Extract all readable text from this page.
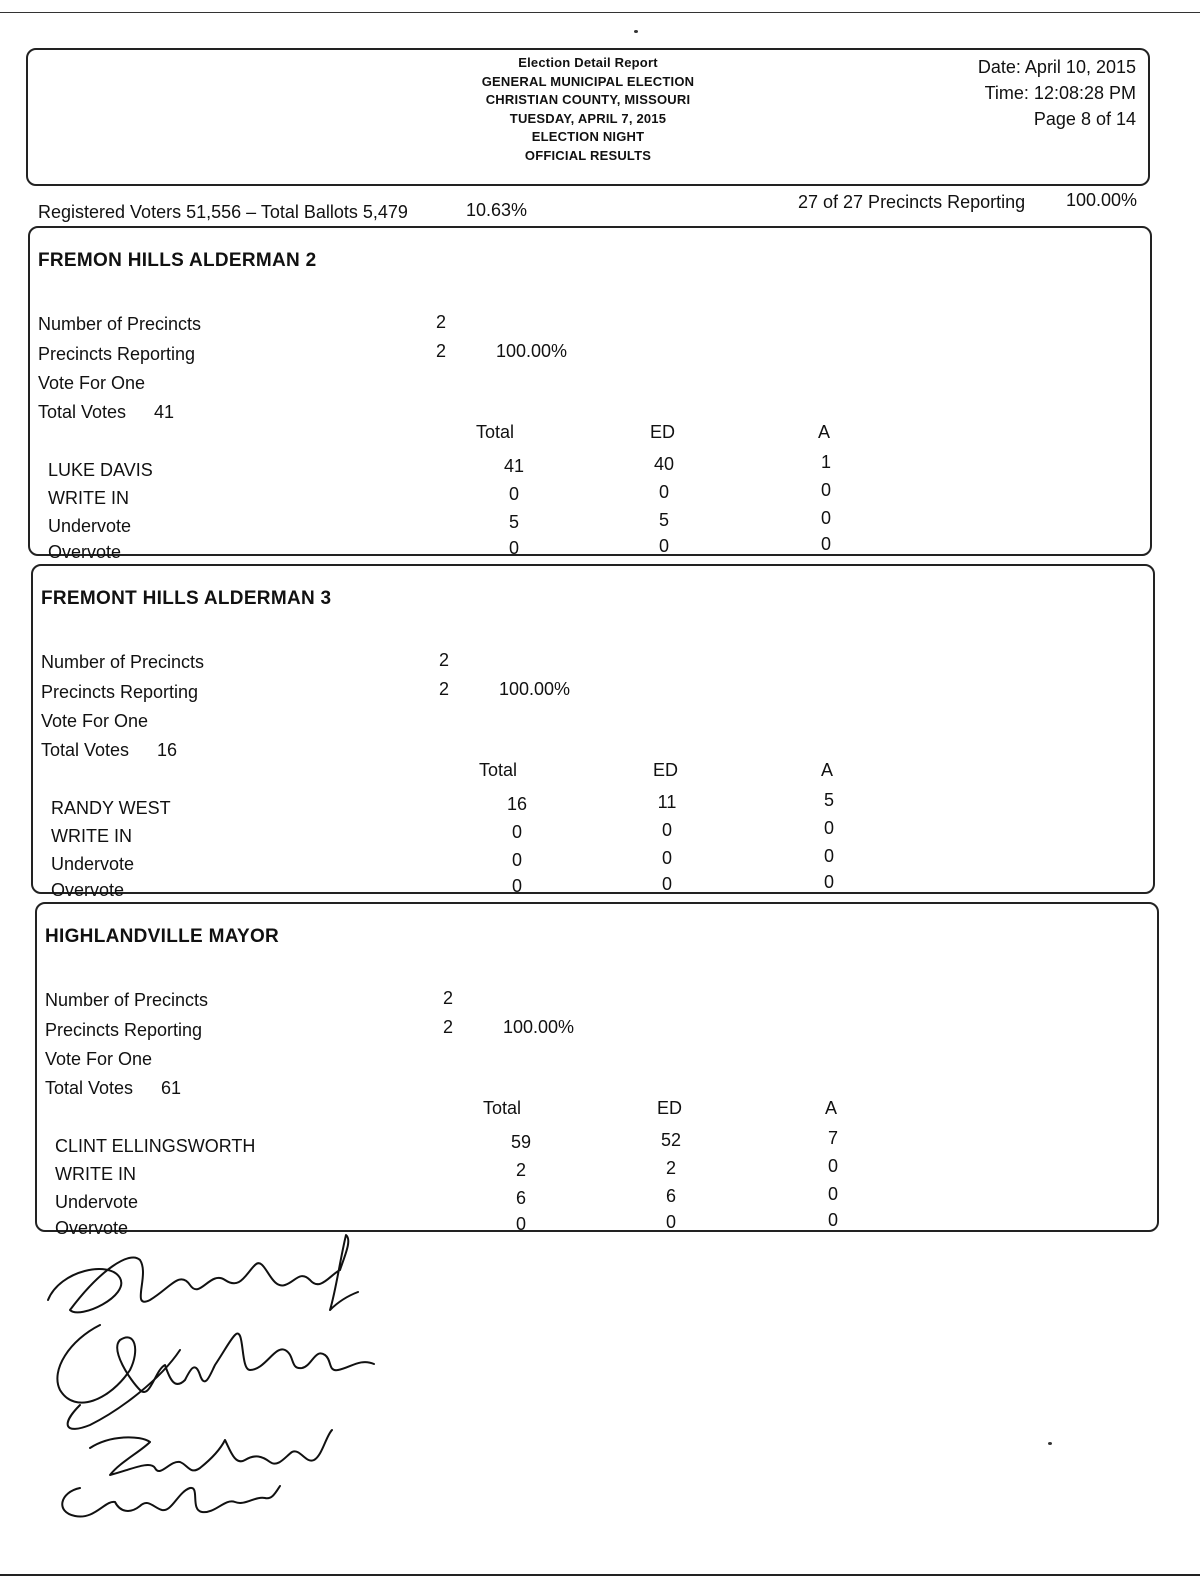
Election Detail Report
GENERAL MUNICIPAL ELECTION
CHRISTIAN COUNTY, MISSOURI
TUESDAY, APRIL 7, 2015
ELECTION NIGHT
OFFICIAL RESULTS
Date: April 10, 2015
Time: 12:08:28 PM
Page 8 of 14
Registered Voters 51,556 – Total Ballots 5,479	10.63%	27 of 27 Precincts Reporting 100.00%
FREMON HILLS ALDERMAN 2
Number of Precincts	2
Precincts Reporting	2	100.00%
Vote For One
Total Votes 41
Total	ED	A
LUKE DAVIS	41	40	1
WRITE IN	0	0	0
Undervote	5	5	0
Overvote	0	0	0
FREMONT HILLS ALDERMAN 3
Number of Precincts	2
Precincts Reporting	2	100.00%
Vote For One
Total Votes 16
Total	ED	A
RANDY WEST	16	11	5
WRITE IN	0	0	0
Undervote	0	0	0
Overvote	0	0	0
HIGHLANDVILLE MAYOR
Number of Precincts	2
Precincts Reporting	2	100.00%
Vote For One
Total Votes 61
Total	ED	A
CLINT ELLINGSWORTH	59	52	7
WRITE IN	2	2	0
Undervote	6	6	0
Overvote	0	0	0
